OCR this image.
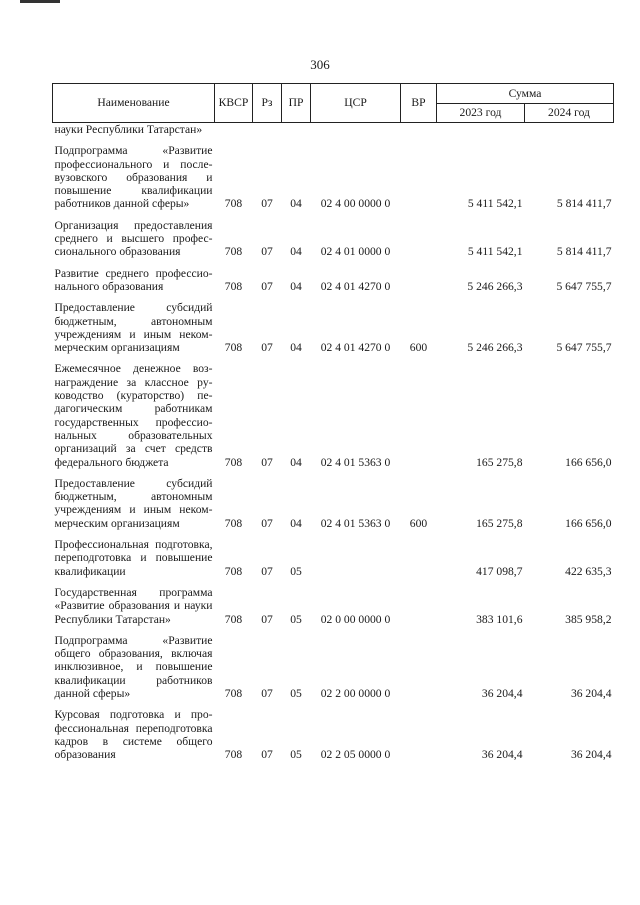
306
Наименование	КВСР	Рз	ПР	ЦСР	ВР	Сумма	
						2023 год	2024 год
науки Республики Татарстан»							
Подпрограмма «Развитие профессионального и послевузовского образования и повышение квалификации работников данной сферы»	708	07	04	02 4 00 0000 0		5 411 542,1	5 814 411,7
Организация предоставления среднего и высшего профессионального образования	708	07	04	02 4 01 0000 0		5 411 542,1	5 814 411,7
Развитие среднего профессионального образования	708	07	04	02 4 01 4270 0		5 246 266,3	5 647 755,7
Предоставление субсидий бюджетным, автономным учреждениям и иным некоммерческим организациям	708	07	04	02 4 01 4270 0	600	5 246 266,3	5 647 755,7
Ежемесячное денежное вознаграждение за классное руководство (кураторство) педагогическим работникам государственных профессиональных образовательных организаций за счет средств федерального бюджета	708	07	04	02 4 01 5363 0		165 275,8	166 656,0
Предоставление субсидий бюджетным, автономным учреждениям и иным некоммерческим организациям	708	07	04	02 4 01 5363 0	600	165 275,8	166 656,0
Профессиональная подготовка, переподготовка и повышение квалификации	708	07	05			417 098,7	422 635,3
Государственная программа «Развитие образования и науки Республики Татарстан»	708	07	05	02 0 00 0000 0		383 101,6	385 958,2
Подпрограмма «Развитие общего образования, включая инклюзивное, и повышение квалификации работников данной сферы»	708	07	05	02 2 00 0000 0		36 204,4	36 204,4
Курсовая подготовка и профессиональная переподготовка кадров в системе общего образования	708	07	05	02 2 05 0000 0		36 204,4	36 204,4
